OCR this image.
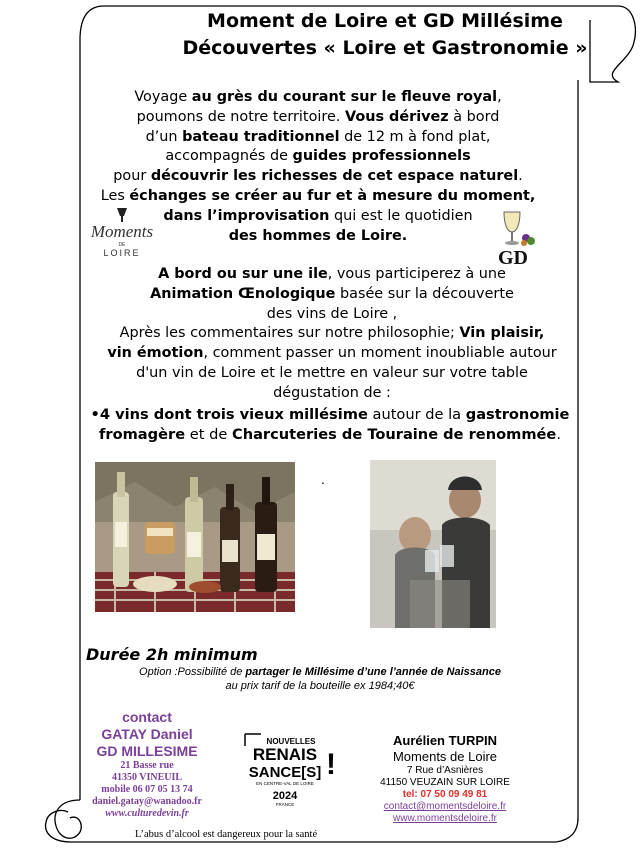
Moment de Loire et GD Millésime
Découvertes « Loire et Gastronomie »
Voyage au grès du courant sur le fleuve royal,
poumons de notre territoire. Vous dérivez à bord
d’un bateau traditionnel de 12 m à fond plat,
accompagnés de guides professionnels
pour découvrir les richesses de cet espace naturel.
Les échanges se créer au fur et à mesure du moment,
dans l’improvisation qui est le quotidien
des hommes de Loire.
Moments
DE
LOIRE	GD

A bord ou sur une ile, vous participerez à une

Animation Œnologique basée sur la découverte

des vins de Loire ,

Après les commentaires sur notre philosophie; Vin plaisir,

vin émotion, comment passer un moment inoubliable autour

d'un vin de Loire et le mettre en valeur sur votre table

dégustation de :

•4 vins dont trois vieux millésime autour de la gastronomie
fromagère et de Charcuteries de Touraine de renommée.
.
Durée 2h minimum
Option :Possibilité de partager le Millésime d’une l’année de Naissance
au prix tarif de la bouteille ex 1984;40€
contact
GATAY Daniel
GD MILLESIME
21 Basse rue
41350 VINEUIL
mobile 06 07 05 13 74
daniel.gatay@wanadoo.fr
www.culturedevin.fr
NOUVELLES
RENAIS
SANCE[S] !
EN CENTRE-VAL DE LOIRE
2024
FRANCE
Aurélien TURPIN
Moments de Loire
7 Rue d’Asnières
41150 VEUZAIN SUR LOIRE
tel: 07 50 09 49 81
contact@momentsdeloire.fr
www.momentsdeloire.fr
L’abus d’alcool est dangereux pour la santé
